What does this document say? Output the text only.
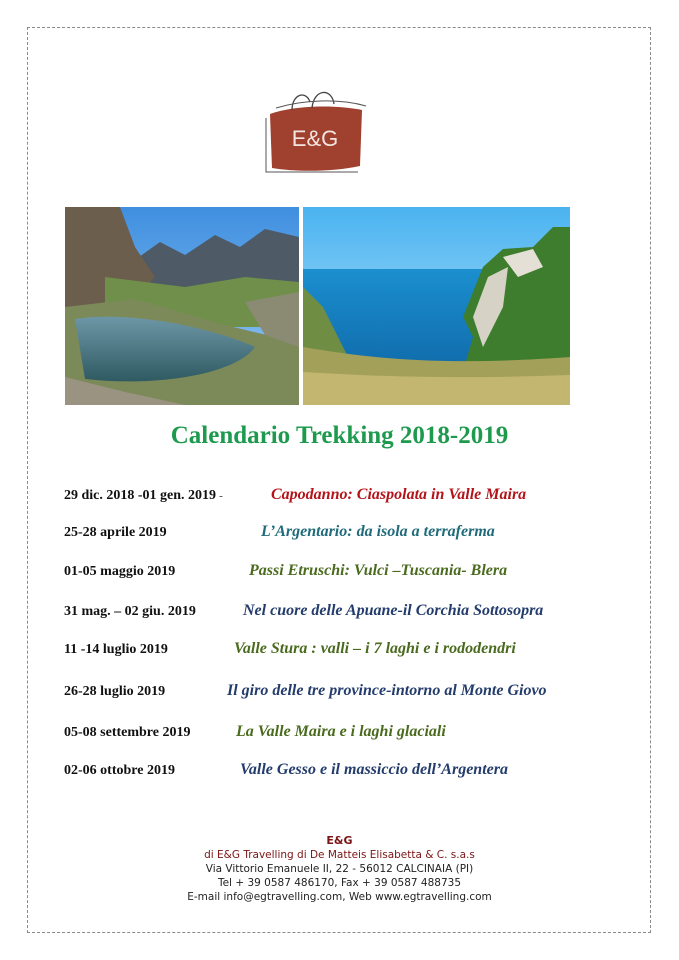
E&G
Calendario Trekking 2018-2019
29 dic. 2018 -01 gen. 2019 -	Capodanno: Ciaspolata in Valle Maira
25-28 aprile 2019	L’Argentario: da isola a terraferma
01-05 maggio 2019	Passi Etruschi: Vulci –Tuscania- Blera
31 mag. – 02 giu. 2019	Nel cuore delle Apuane-il Corchia Sottosopra
11 -14 luglio 2019	Valle Stura : valli – i 7 laghi e i rododendri
26-28 luglio 2019	Il giro delle tre province-intorno al Monte Giovo
05-08 settembre 2019	La Valle Maira e i laghi glaciali
02-06 ottobre 2019	Valle Gesso e il massiccio dell’Argentera
E&G
di E&G Travelling di De Matteis Elisabetta & C. s.a.s
Via Vittorio Emanuele II, 22 - 56012 CALCINAIA (PI)
Tel + 39 0587 486170, Fax + 39 0587 488735
E-mail info@egtravelling.com, Web www.egtravelling.com
